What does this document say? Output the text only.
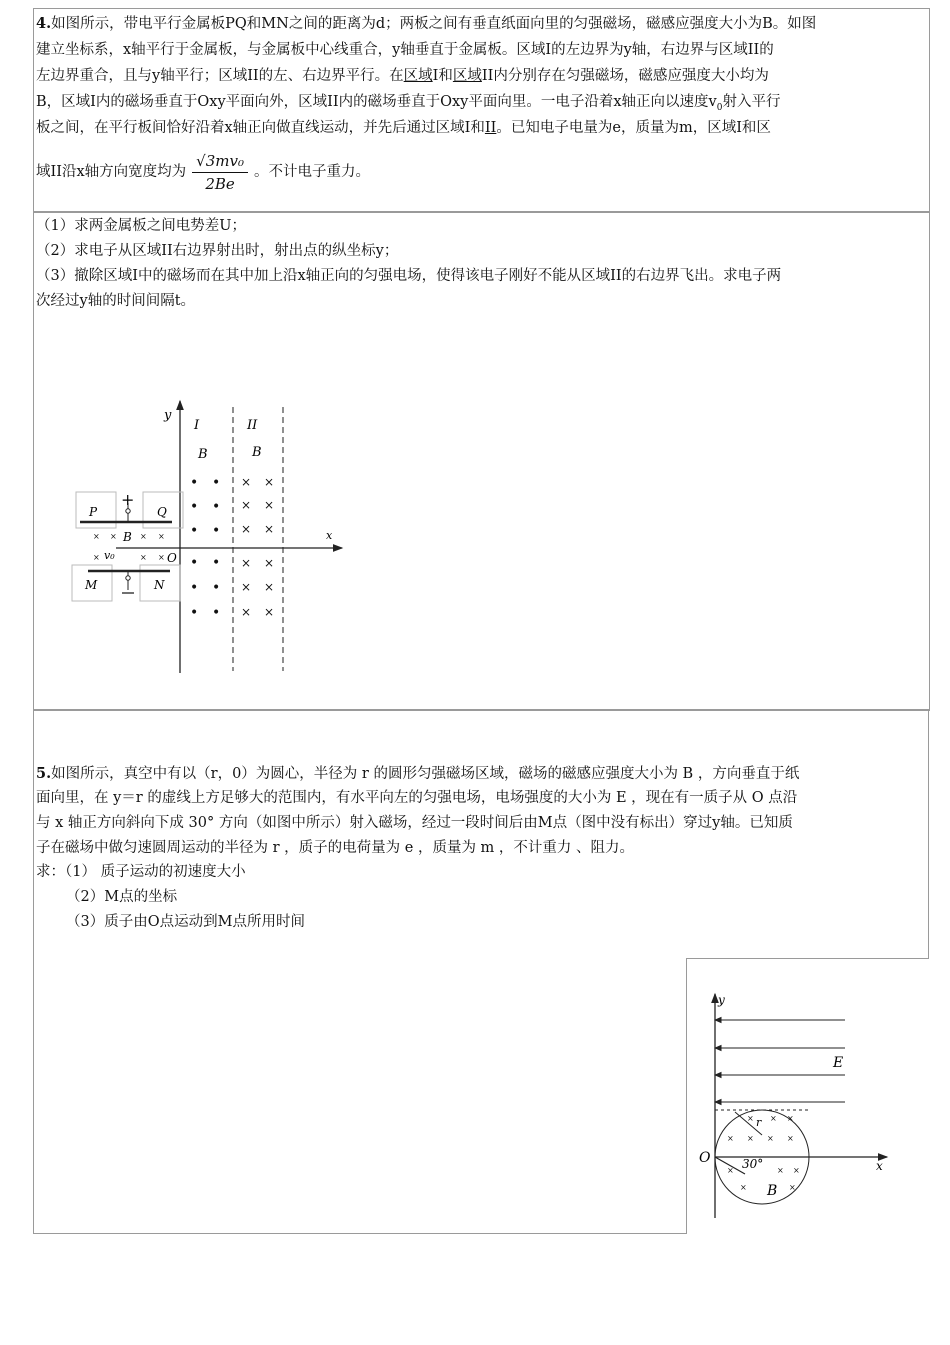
4.如图所示，带电平行金属板PQ和MN之间的距离为d；两板之间有垂直纸面向里的匀强磁场，磁感应强度大小为B。如图
建立坐标系，x轴平行于金属板，与金属板中心线重合，y轴垂直于金属板。区域I的左边界为y轴，右边界与区域II的
左边界重合，且与y轴平行；区域II的左、右边界平行。在区域I和区域II内分别存在匀强磁场，磁感应强度大小均为
B，区域I内的磁场垂直于Oxy平面向外，区域II内的磁场垂直于Oxy平面向里。一电子沿着x轴正向以速度$v_0$射入平行
板之间，在平行板间恰好沿着x轴正向做直线运动，并先后通过区域I和II。已知电子电量为e，质量为m，区域I和区
域II沿x轴方向宽度均为 $\frac{\text{√3mv₀}}{2Be}$ 。不计电子重力。
（1）求两金属板之间电势差U；
（2）求电子从区域II右边界射出时，射出点的纵坐标y；
（3）撤除区域I中的磁场而在其中加上沿x轴正向的匀强电场，使得该电子刚好不能从区域II的右边界飞出。求电子两
次经过y轴的时间间隔t。
y
x
O
I	II
B	B
• •
• •
• •
• •
• •
• •
× ×
× ×
× ×
× ×
× ×
× ×
P	Q
M	N
+
B
× ×	× ×
×	× ×
v₀
5.如图所示，真空中有以（r，0）为圆心，半径为 r 的圆形匀强磁场区域，磁场的磁感应强度大小为 B ，方向垂直于纸
面向里，在 y＝r 的虚线上方足够大的范围内，有水平向左的匀强电场，电场强度的大小为 E ，现在有一质子从 O 点沿
与 x 轴正方向斜向下成 30° 方向（如图中所示）射入磁场，经过一段时间后由M点（图中没有标出）穿过y轴。已知质
子在磁场中做匀速圆周运动的半径为 r ，质子的电荷量为 e ，质量为 m ，不计重力 、阻力。
求：（1） 质子运动的初速度大小
（2）M点的坐标
（3）质子由O点运动到M点所用时间
y
x
O
E
r
30°
B
× × ×
× × × ×
×	× ×
×	×
